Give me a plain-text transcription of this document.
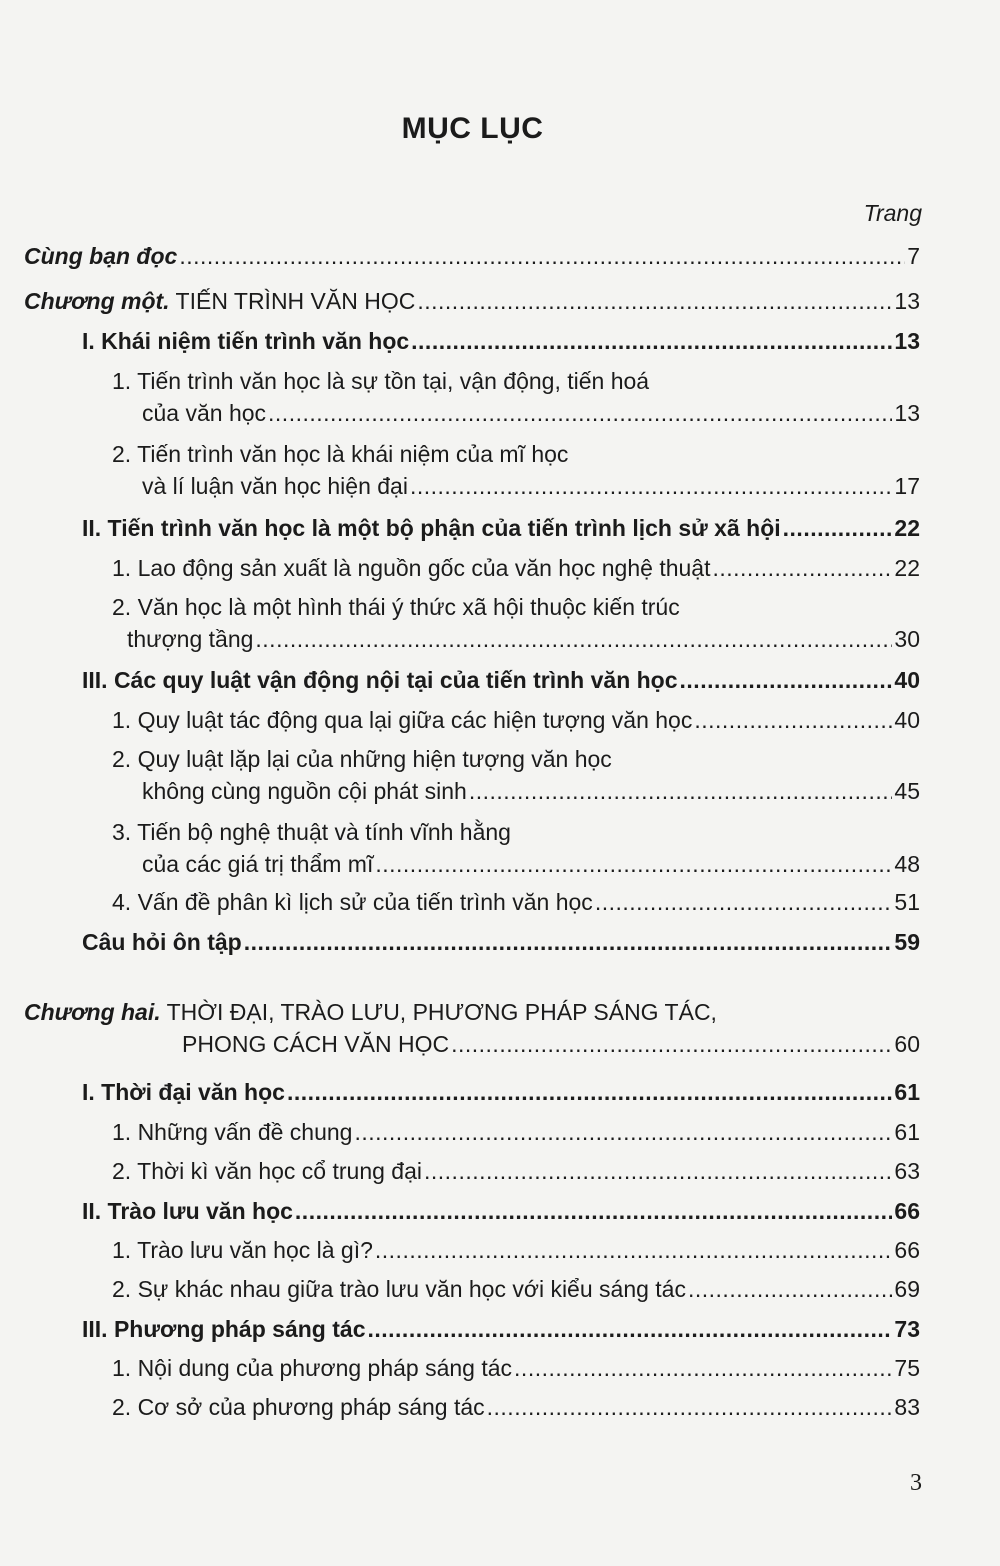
MỤC LỤC
Trang
Cùng bạn đọc .....	7
Chương một. TIẾN TRÌNH VĂN HỌC .....	13
I. Khái niệm tiến trình văn học .....	13
1. Tiến trình văn học là sự tồn tại, vận động, tiến hoá
của văn học .....	13
2. Tiến trình văn học là khái niệm của mĩ học
và lí luận văn học hiện đại .....	17
II. Tiến trình văn học là một bộ phận của tiến trình lịch sử xã hội .....	22
1. Lao động sản xuất là nguồn gốc của văn học nghệ thuật .....	22
2. Văn học là một hình thái ý thức xã hội thuộc kiến trúc
thượng tầng .....	30
III. Các quy luật vận động nội tại của tiến trình văn học .....	40
1. Quy luật tác động qua lại giữa các hiện tượng văn học .....	40
2. Quy luật lặp lại của những hiện tượng văn học
không cùng nguồn cội phát sinh .....	45
3. Tiến bộ nghệ thuật và tính vĩnh hằng
của các giá trị thẩm mĩ .....	48
4. Vấn đề phân kì lịch sử của tiến trình văn học .....	51
Câu hỏi ôn tập .....	59
Chương hai. THỜI ĐẠI, TRÀO LƯU, PHƯƠNG PHÁP SÁNG TÁC,
PHONG CÁCH VĂN HỌC .....	60
I. Thời đại văn học .....	61
1. Những vấn đề chung .....	61
2. Thời kì văn học cổ trung đại .....	63
II. Trào lưu văn học .....	66
1. Trào lưu văn học là gì? .....	66
2. Sự khác nhau giữa trào lưu văn học với kiểu sáng tác .....	69
III. Phương pháp sáng tác .....	73
1. Nội dung của phương pháp sáng tác .....	75
2. Cơ sở của phương pháp sáng tác .....	83
3
